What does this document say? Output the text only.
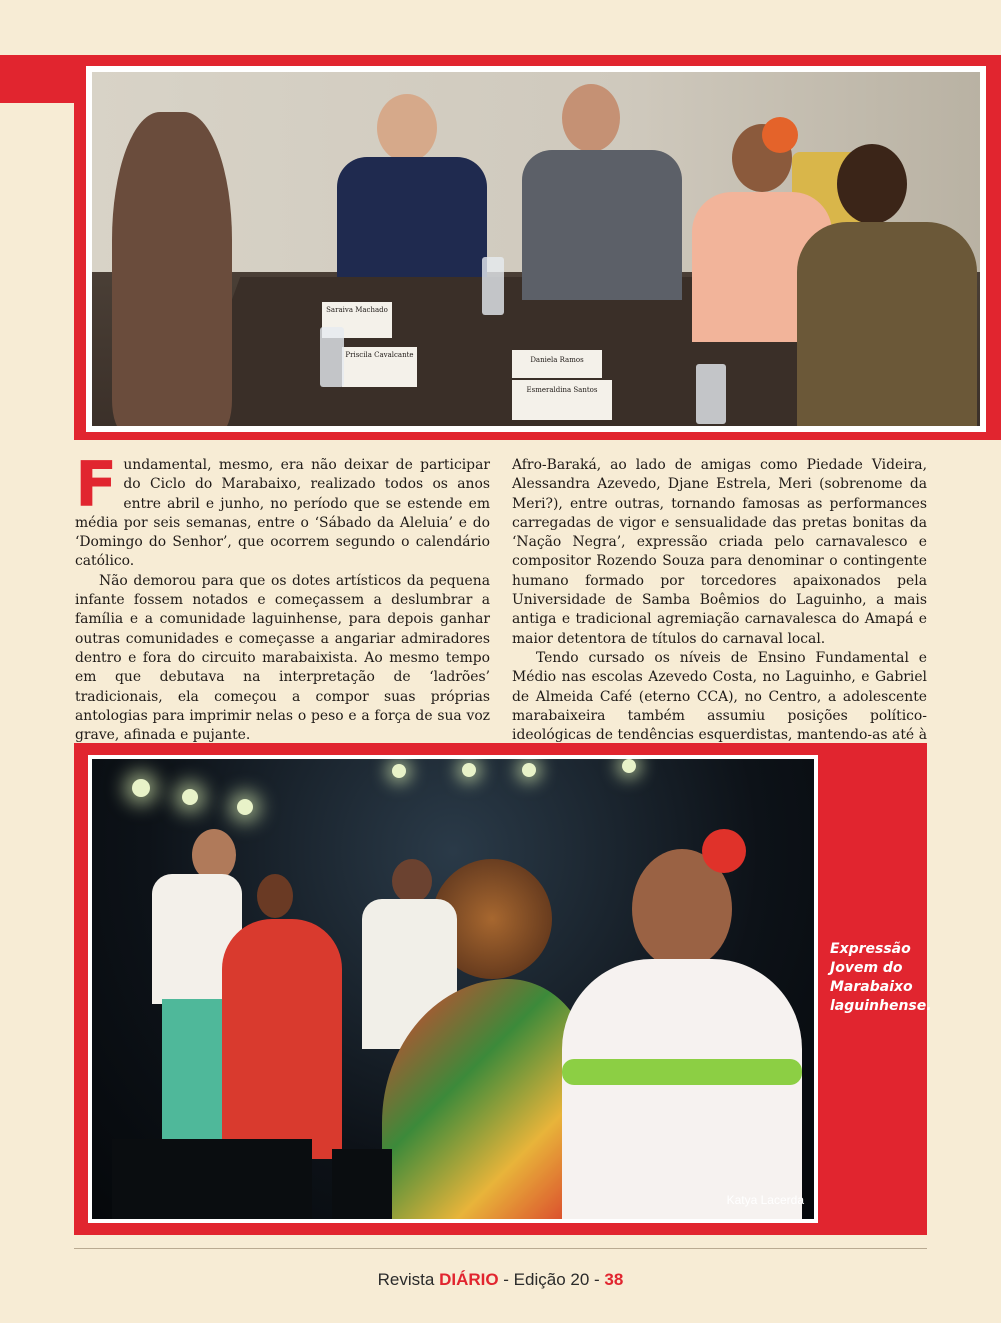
Saraiva Machado
Priscila Cavalcante
Daniela Ramos
Esmeraldina Santos

Fundamental, mesmo, era não deixar de participar do Ciclo do Marabaixo, realizado todos os anos entre abril e junho, no período que se estende em média por seis semanas, entre o ‘Sábado da Aleluia’ e do ‘Domingo do Senhor’, que ocorrem segundo o calendário católico.

Não demorou para que os dotes artísticos da pequena infante fossem notados e começassem a deslumbrar a família e a comunidade laguinhense, para depois ganhar outras comunidades e começasse a angariar admiradores dentro e fora do circuito marabaixista. Ao mesmo tempo em que debutava na interpretação de ‘ladrões’ tradicionais, ela começou a compor suas próprias antologias para imprimir nelas o peso e a força de sua voz grave, afinada e pujante.

Afro-Baraká, ao lado de amigas como Piedade Videira, Alessandra Azevedo, Djane Estrela, Meri (sobrenome da Meri?), entre outras, tornando famosas as performances carregadas de vigor e sensualidade das pretas bonitas da ‘Nação Negra’, expressão criada pelo carnavalesco e compositor Rozendo Souza para denominar o contingente humano formado por torcedores apaixonados pela Universidade de Samba Boêmios do Laguinho, a mais antiga e tradicional agremiação carnavalesca do Amapá e maior detentora de títulos do carnaval local.

Tendo cursado os níveis de Ensino Fundamental e Médio nas escolas Azevedo Costa, no Laguinho, e Gabriel de Almeida Café (eterno CCA), no Centro, a adolescente marabaixeira também assumiu posições político-ideológicas de tendências esquerdistas, mantendo-as até à

Katya Lacerda
Expressão Jovem do Marabaixo laguinhense.
Revista DIÁRIO - Edição 20 - 38
